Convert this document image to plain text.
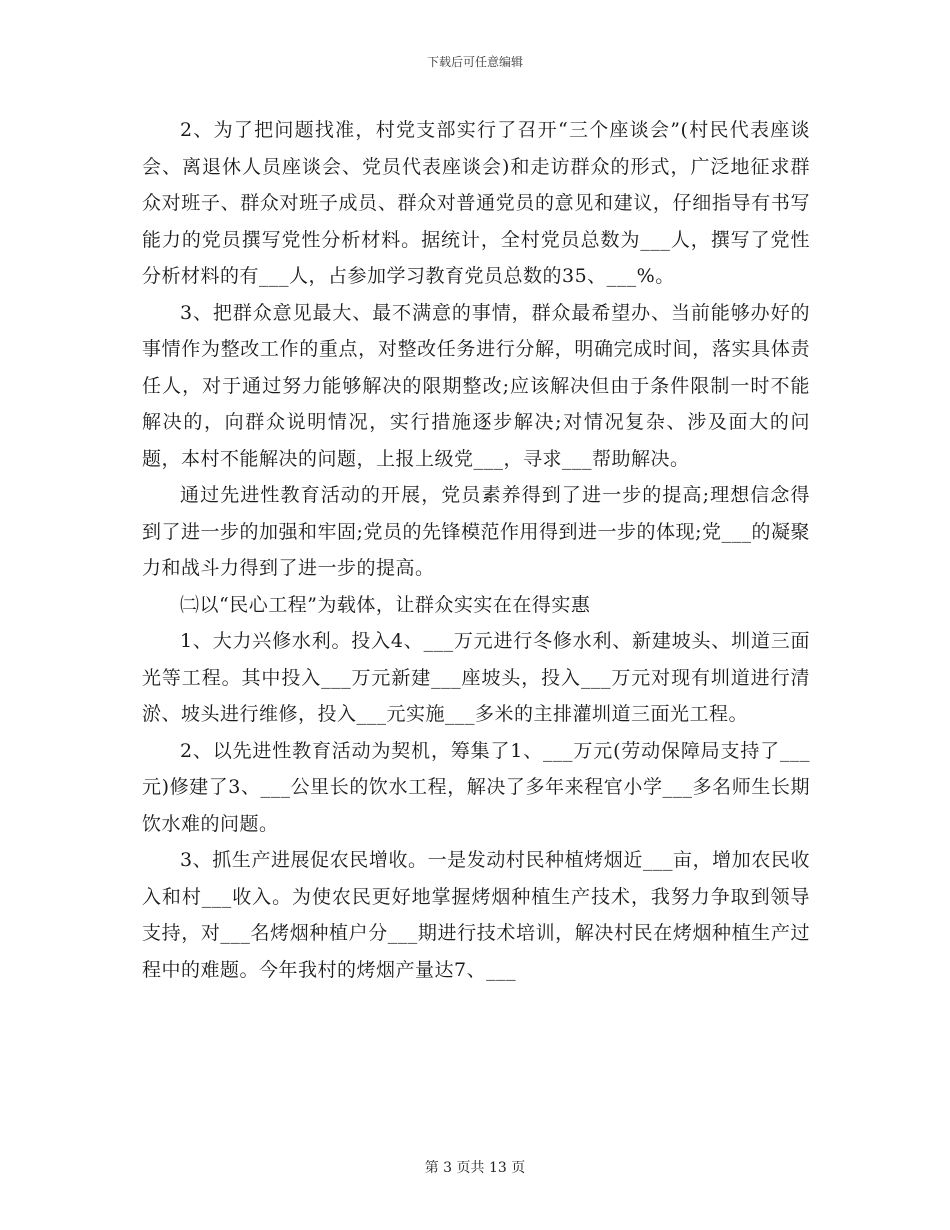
下载后可任意编辑

2、为了把问题找准，村党支部实行了召开“三个座谈会”(村民代表座谈会、离退休人员座谈会、党员代表座谈会)和走访群众的形式，广泛地征求群众对班子、群众对班子成员、群众对普通党员的意见和建议，仔细指导有书写能力的党员撰写党性分析材料。据统计，全村党员总数为___人，撰写了党性分析材料的有___人，占参加学习教育党员总数的35、___%。

3、把群众意见最大、最不满意的事情，群众最希望办、当前能够办好的事情作为整改工作的重点，对整改任务进行分解，明确完成时间，落实具体责任人，对于通过努力能够解决的限期整改;应该解决但由于条件限制一时不能解决的，向群众说明情况，实行措施逐步解决;对情况复杂、涉及面大的问题，本村不能解决的问题，上报上级党___，寻求___帮助解决。

通过先进性教育活动的开展，党员素养得到了进一步的提高;理想信念得到了进一步的加强和牢固;党员的先锋模范作用得到进一步的体现;党___的凝聚力和战斗力得到了进一步的提高。

㈡以“民心工程”为载体，让群众实实在在得实惠

1、大力兴修水利。投入4、___万元进行冬修水利、新建坡头、圳道三面光等工程。其中投入___万元新建___座坡头，投入___万元对现有圳道进行清淤、坡头进行维修，投入___元实施___多米的主排灌圳道三面光工程。

2、以先进性教育活动为契机，筹集了1、___万元(劳动保障局支持了___元)修建了3、___公里长的饮水工程，解决了多年来程官小学___多名师生长期饮水难的问题。

3、抓生产进展促农民增收。一是发动村民种植烤烟近___亩，增加农民收入和村___收入。为使农民更好地掌握烤烟种植生产技术，我努力争取到领导支持，对___名烤烟种植户分___期进行技术培训，解决村民在烤烟种植生产过程中的难题。今年我村的烤烟产量达7、___

第 3 页共 13 页
